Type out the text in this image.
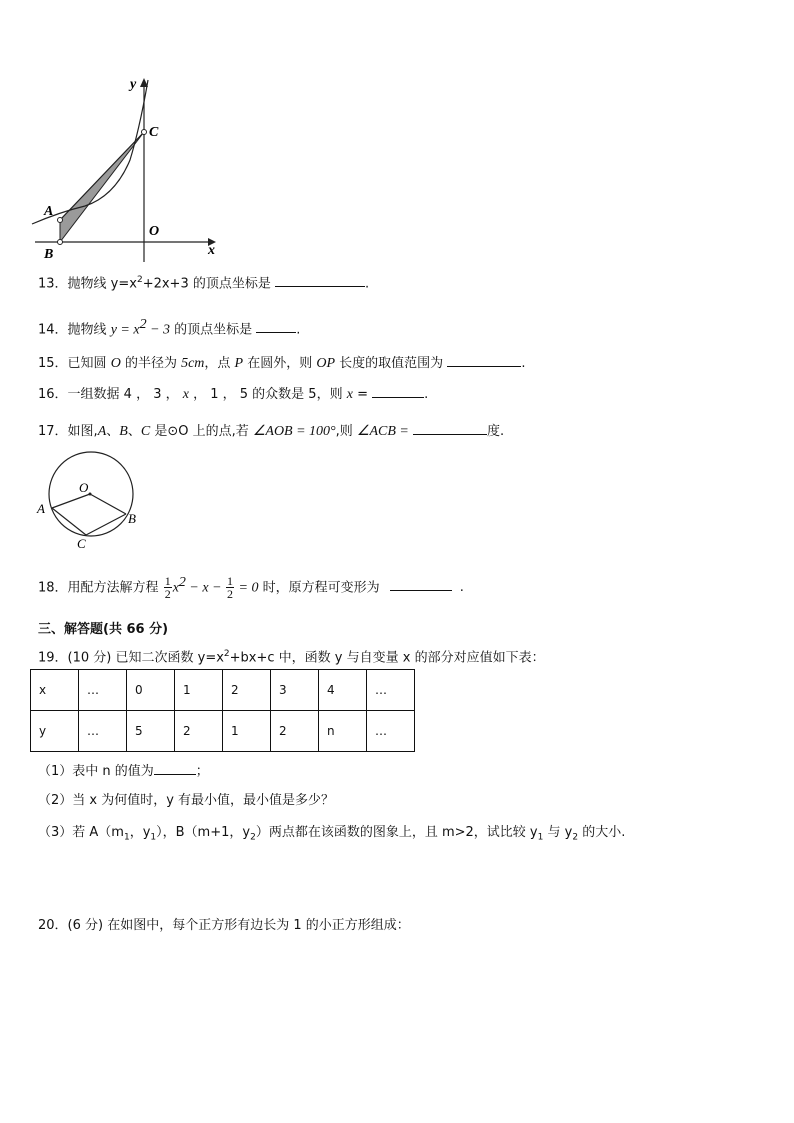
y
x
C
A
B
O
13．抛物线 $y=x^2+2x+3$ 的顶点坐标是	.
14．抛物线 $y = x^2 - 3$ 的顶点坐标是	.
15．已知圆 O 的半径为 5cm，点 P 在圆外，则 OP 长度的取值范围为	.
16．一组数据 4 ， 3 ， x ， 1 ， 5 的众数是 5，则 x =	.
17．如图,A、B、C 是⊙O 上的点,若 ∠AOB = 100°,则 ∠ACB =	度.
O
A
B
C
18．用配方法解方程 $\frac{1}{2} x^2 - x - \frac{1}{2} = 0$ 时，原方程可变形为	.
三、解答题(共 66 分)
19．(10 分) 已知二次函数 $y=x^2+bx+c$ 中，函数 y 与自变量 x 的部分对应值如下表：
x	…	0	1	2	3	4	…
y	…	5	2	1	2	n	…
（1）表中 n 的值为	；
（2）当 x 为何值时，y 有最小值，最小值是多少？
（3）若 $A(m_1$，$y_1$），B（m+1，$y_2$）两点都在该函数的图象上，且 m>2，试比较 $y_1$ 与 $y_2$ 的大小.
20．(6 分) 在如图中，每个正方形有边长为 1 的小正方形组成：
